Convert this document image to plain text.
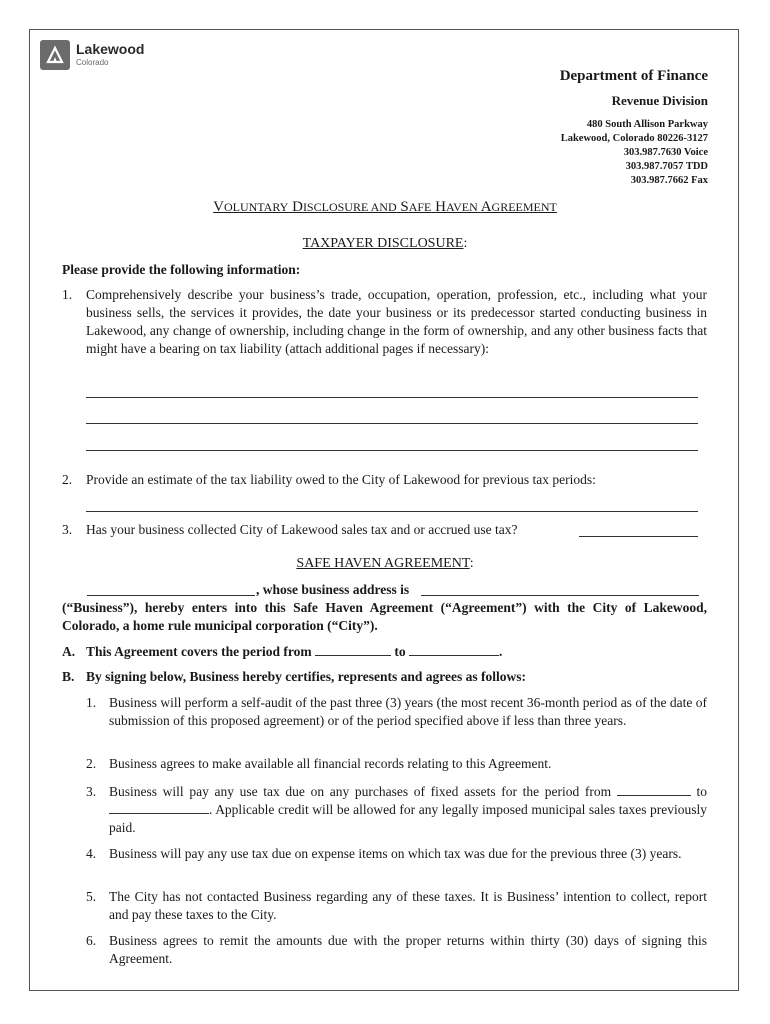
Lakewood
Colorado
Department of Finance
Revenue Division
480 South Allison Parkway
Lakewood, Colorado 80226-3127
303.987.7630 Voice
303.987.7057 TDD
303.987.7662 Fax
VOLUNTARY DISCLOSURE AND SAFE HAVEN AGREEMENT
TAXPAYER DISCLOSURE:
Please provide the following information:
1. Comprehensively describe your business’s trade, occupation, operation, profession, etc., including what your business sells, the services it provides, the date your business or its predecessor started conducting business in Lakewood, any change of ownership, including change in the form of ownership, and any other business facts that might have a bearing on tax liability (attach additional pages if necessary):
2. Provide an estimate of the tax liability owed to the City of Lakewood for previous tax periods:
3. Has your business collected City of Lakewood sales tax and or accrued use tax?
SAFE HAVEN AGREEMENT:
, whose business address is
(“Business”), hereby enters into this Safe Haven Agreement (“Agreement”) with the City of Lakewood, Colorado, a home rule municipal corporation (“City”).
A. This Agreement covers the period from	to	.
B. By signing below, Business hereby certifies, represents and agrees as follows:
1. Business will perform a self-audit of the past three (3) years (the most recent 36-month period as of the date of submission of this proposed agreement) or of the period specified above if less than three years.
2. Business agrees to make available all financial records relating to this Agreement.
3. Business will pay any use tax due on any purchases of fixed assets for the period from	to . Applicable credit will be allowed for any legally imposed municipal sales taxes previously paid.
4. Business will pay any use tax due on expense items on which tax was due for the previous three (3) years.
5. The City has not contacted Business regarding any of these taxes. It is Business’ intention to collect, report and pay these taxes to the City.
6. Business agrees to remit the amounts due with the proper returns within thirty (30) days of signing this Agreement.
